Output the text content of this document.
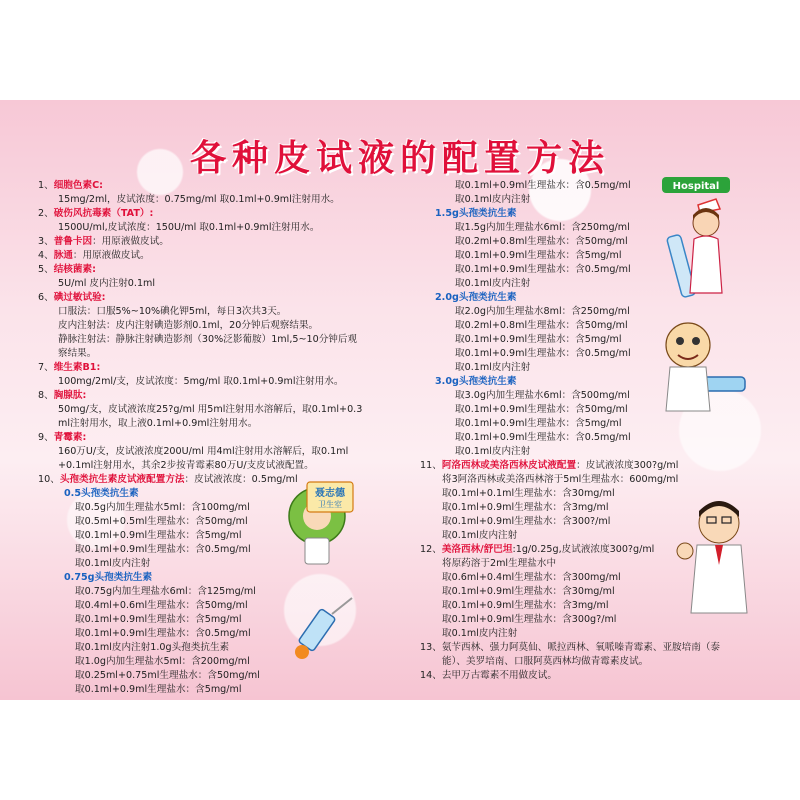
各种皮试液的配置方法
1、细胞色素C:
15mg/2ml，皮试浓度：0.75mg/ml 取0.1ml+0.9ml注射用水。
2、破伤风抗毒素（TAT）:
1500U/ml,皮试浓度：150U/ml 取0.1ml+0.9ml注射用水。
3、普鲁卡因：用原液做皮试。
4、脉通：用原液做皮试。
5、结核菌素:
5U/ml 皮内注射0.1ml
6、碘过敏试验:
口服法：口服5%~10%碘化钾5ml，每日3次共3天。
皮内注射法：皮内注射碘造影剂0.1ml，20分钟后观察结果。
静脉注射法：静脉注射碘造影剂（30%泛影葡胺）1ml,5~10分钟后观
察结果。
7、维生素B1:
100mg/2ml/支，皮试浓度：5mg/ml 取0.1ml+0.9ml注射用水。
8、胸腺肽:
50mg/支，皮试液浓度25?g/ml 用5ml注射用水溶解后，取0.1ml+0.3
ml注射用水，取上液0.1ml+0.9ml注射用水。
9、青霉素:
160万U/支，皮试液浓度200U/ml 用4ml注射用水溶解后，取0.1ml
+0.1ml注射用水，其余2步按青霉素80万U/支皮试液配置。
10、头孢类抗生素皮试液配置方法：皮试液浓度：0.5mg/ml
0.5头孢类抗生素
取0.5g内加生理盐水5ml：含100mg/ml
取0.5ml+0.5ml生理盐水：含50mg/ml
取0.1ml+0.9ml生理盐水：含5mg/ml
取0.1ml+0.9ml生理盐水：含0.5mg/ml
取0.1ml皮内注射
0.75g头孢类抗生素
取0.75g内加生理盐水6ml：含125mg/ml
取0.4ml+0.6ml生理盐水：含50mg/ml
取0.1ml+0.9ml生理盐水：含5mg/ml
取0.1ml+0.9ml生理盐水：含0.5mg/ml
取0.1ml皮内注射1.0g头孢类抗生素
取1.0g内加生理盐水5ml：含200mg/ml
取0.25ml+0.75ml生理盐水：含50mg/ml
取0.1ml+0.9ml生理盐水：含5mg/ml
取0.1ml+0.9ml生理盐水：含0.5mg/ml
取0.1ml皮内注射
1.5g头孢类抗生素
取1.5g内加生理盐水6ml：含250mg/ml
取0.2ml+0.8ml生理盐水：含50mg/ml
取0.1ml+0.9ml生理盐水：含5mg/ml
取0.1ml+0.9ml生理盐水：含0.5mg/ml
取0.1ml皮内注射
2.0g头孢类抗生素
取2.0g内加生理盐水8ml：含250mg/ml
取0.2ml+0.8ml生理盐水：含50mg/ml
取0.1ml+0.9ml生理盐水：含5mg/ml
取0.1ml+0.9ml生理盐水：含0.5mg/ml
取0.1ml皮内注射
3.0g头孢类抗生素
取3.0g内加生理盐水6ml：含500mg/ml
取0.1ml+0.9ml生理盐水：含50mg/ml
取0.1ml+0.9ml生理盐水：含5mg/ml
取0.1ml+0.9ml生理盐水：含0.5mg/ml
取0.1ml皮内注射
11、阿洛西林或美洛西林皮试液配置：皮试液浓度300?g/ml
将3阿洛西林或美洛西林溶于5ml生理盐水：600mg/ml
取0.1ml+0.1ml生理盐水：含30mg/ml
取0.1ml+0.9ml生理盐水：含3mg/ml
取0.1ml+0.9ml生理盐水：含300?/ml
取0.1ml皮内注射
12、美洛西林/舒巴坦:1g/0.25g,皮试液浓度300?g/ml
将原药溶于2ml生理盐水中
取0.6ml+0.4ml生理盐水：含300mg/ml
取0.1ml+0.9ml生理盐水：含30mg/ml
取0.1ml+0.9ml生理盐水：含3mg/ml
取0.1ml+0.9ml生理盐水：含300g?/ml
取0.1ml皮内注射
13、氨苄西林、强力阿莫仙、哌拉西林、氧哌嗪青霉素、亚胺培南（泰
能）、美罗培南、口服阿莫西林均做青霉素皮试。
14、去甲万古霉素不用做皮试。
Hospital
聂志德
卫生室
